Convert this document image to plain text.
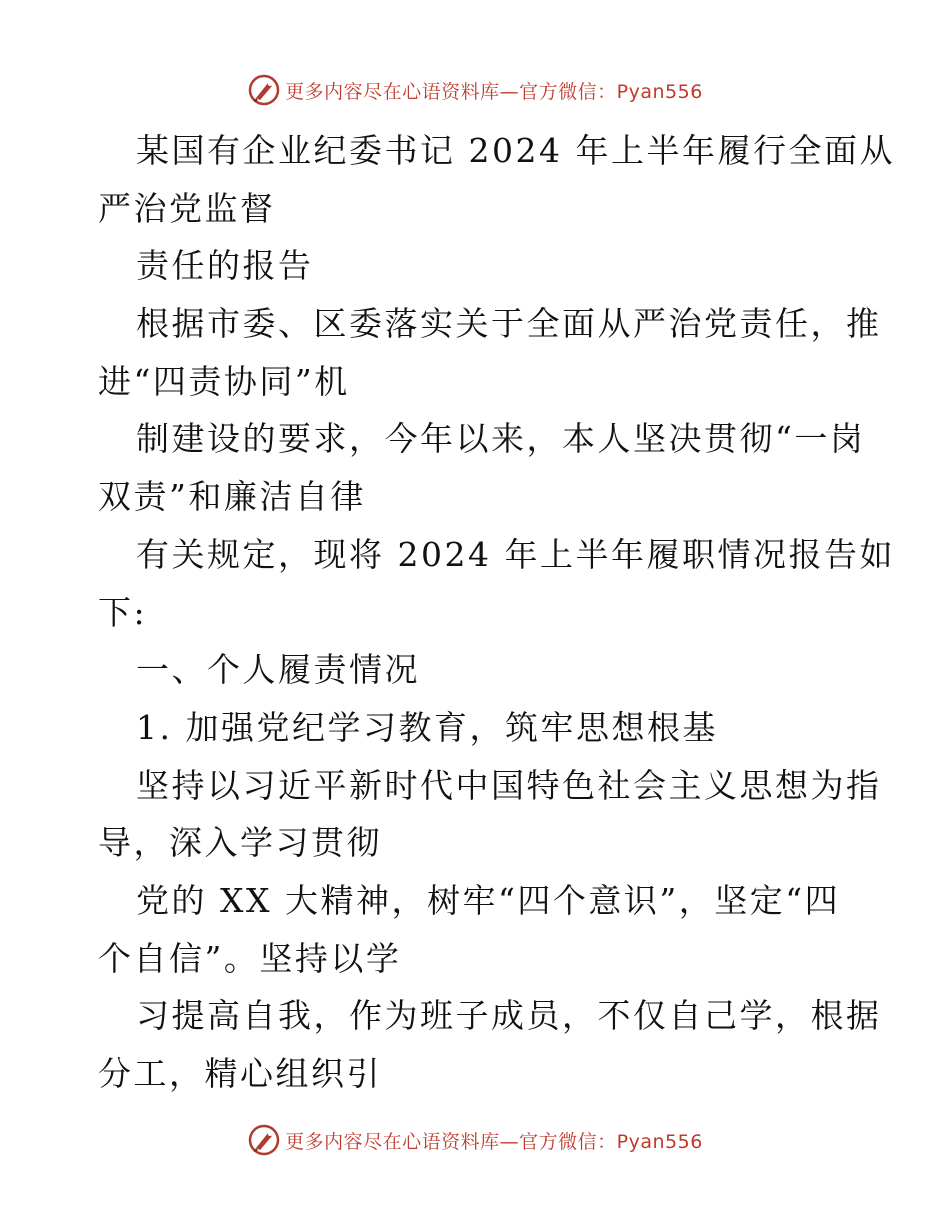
更多内容尽在心语资料库—官方微信：Pyan556
某国有企业纪委书记 2024 年上半年履行全面从
严治党监督
责任的报告
根据市委、区委落实关于全面从严治党责任，推
进“四责协同”机
制建设的要求，今年以来，本人坚决贯彻“一岗
双责”和廉洁自律
有关规定，现将 2024 年上半年履职情况报告如
下:
一、个人履责情况
1. 加强党纪学习教育，筑牢思想根基
坚持以习近平新时代中国特色社会主义思想为指
导，深入学习贯彻
党的 XX 大精神，树牢“四个意识”，坚定“四
个自信”。坚持以学
习提高自我，作为班子成员，不仅自己学，根据
分工，精心组织引
更多内容尽在心语资料库—官方微信：Pyan556
